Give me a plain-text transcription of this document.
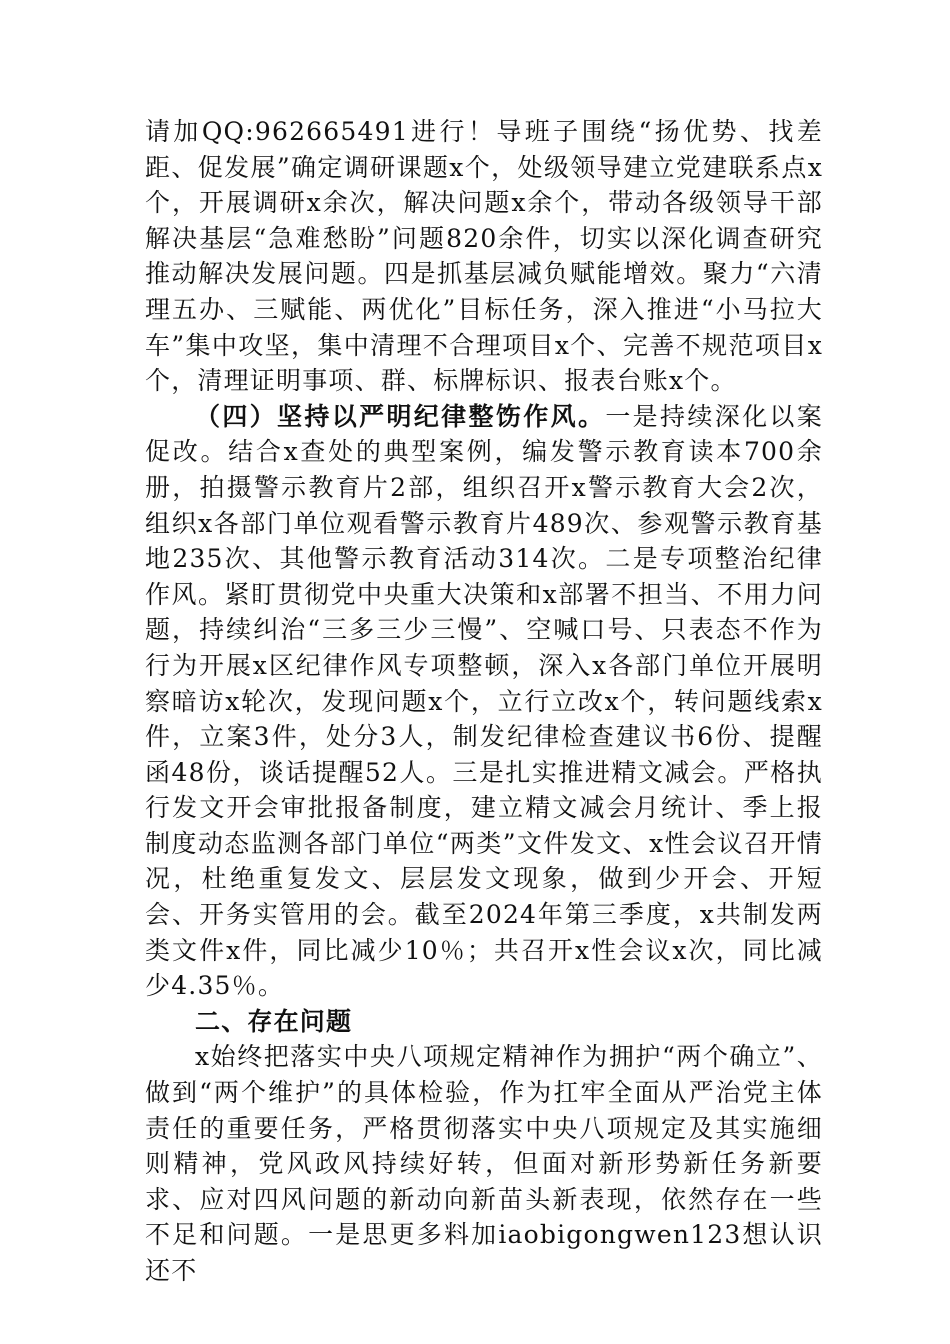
请加QQ:962665491进行！导班子围绕“扬优势、找差距、促发展”确定调研课题x个，处级领导建立党建联系点x个，开展调研x余次，解决问题x余个，带动各级领导干部解决基层“急难愁盼”问题820余件，切实以深化调查研究推动解决发展问题。四是抓基层减负赋能增效。聚力“六清理五办、三赋能、两优化”目标任务，深入推进“小马拉大车”集中攻坚，集中清理不合理项目x个、完善不规范项目x个，清理证明事项、群、标牌标识、报表台账x个。

（四）坚持以严明纪律整饬作风。一是持续深化以案促改。结合x查处的典型案例，编发警示教育读本700余册，拍摄警示教育片2部，组织召开x警示教育大会2次，组织x各部门单位观看警示教育片489次、参观警示教育基地235次、其他警示教育活动314次。二是专项整治纪律作风。紧盯贯彻党中央重大决策和x部署不担当、不用力问题，持续纠治“三多三少三慢”、空喊口号、只表态不作为行为开展x区纪律作风专项整顿，深入x各部门单位开展明察暗访x轮次，发现问题x个，立行立改x个，转问题线索x件，立案3件，处分3人，制发纪律检查建议书6份、提醒函48份，谈话提醒52人。三是扎实推进精文减会。严格执行发文开会审批报备制度，建立精文减会月统计、季上报制度动态监测各部门单位“两类”文件发文、x性会议召开情况，杜绝重复发文、层层发文现象，做到少开会、开短会、开务实管用的会。截至2024年第三季度，x共制发两类文件x件，同比减少10％；共召开x性会议x次，同比减少4.35％。

二、存在问题

x始终把落实中央八项规定精神作为拥护“两个确立”、做到“两个维护”的具体检验，作为扛牢全面从严治党主体责任的重要任务，严格贯彻落实中央八项规定及其实施细则精神，党风政风持续好转，但面对新形势新任务新要求、应对四风问题的新动向新苗头新表现，依然存在一些不足和问题。一是思更多料加iaobigongwen123想认识还不
